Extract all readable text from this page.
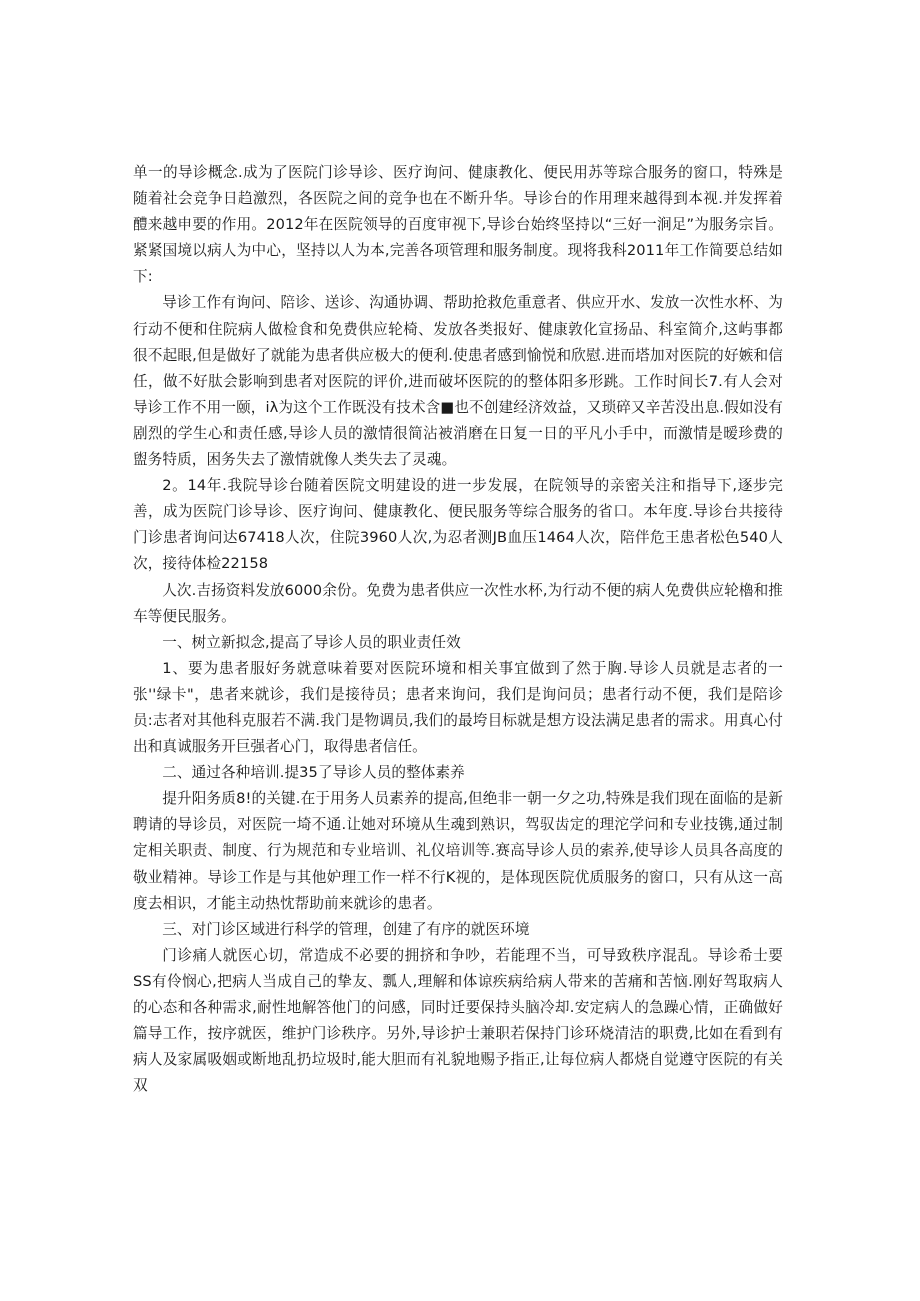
单一的导诊概念.成为了医院门诊导诊、医疗询问、健康教化、便民用苏等琮合服务的窗口，特殊是随着社会竞争日趋激烈，各医院之间的竞争也在不断升华。导诊台的作用理来越得到本视.并发挥着醴来越申要的作用。2012年在医院领导的百度审视下,导诊台始终坚持以“三好一涧足”为服务宗旨。紧紧国境以病人为中心，坚持以人为本,完善各项管理和服务制度。现将我科2011年工作简要总结如下:

导诊工作有询问、陪诊、送诊、沟通协调、帮助抢救危重意者、供应开水、发放一次性水杯、为行动不便和住院病人做检食和免费供应轮椅、发放各类报好、健康敦化宣扬品、科室简介,这屿事都很不起眼,但是做好了就能为患者供应极大的便利.使患者感到愉悦和欣慰.进而塔加对医院的好嫉和信任，做不好肽会影响到患者对医院的评价,进而破坏医院的的整体阳多形跳。工作时间长7.有人会对导诊工作不用一颐，iλ为这个工作既没有技术含■也不创建经济效益，又琐碎又辛苦没出息.假如没有剧烈的学生心和责任感,导诊人员的激情很简沾被消磨在日复一日的平凡小手中，而激情是暧珍费的盥务特质，困务失去了激情就像人类失去了灵魂。

2。14年.我院导诊台随着医院文明建设的进一步发展，在院领导的亲密关注和指导下,逐步完善，成为医院门诊导诊、医疗询问、健康教化、便民服务等综合服务的省口。本年度.导诊台共接待门诊患者询问达67418人次，住院3960人次,为忍者测JB血压1464人次，陪伴危王患者松色540人次，接待体检22158

人次.吉扬资料发放6000余份。免费为患者供应一次性水杯,为行动不便的病人免费供应轮櫓和推车等便民服务。

一、树立新拟念,提高了导诊人员的职业责任效

1、要为患者服好务就意味着要对医院环境和相关事宜做到了然于胸.导诊人员就是志者的一张''绿卡"，患者来就诊，我们是接待员；患者来询问，我们是询问员；患者行动不便，我们是陪诊员:志者对其他科克服若不满.我门是物调员,我们的最垮目标就是想方设法满足患者的需求。用真心付出和真诚服务开巨强者心门，取得患者信任。

二、通过各种培训.提35了导诊人员的整体素养

提升阳务质8!的关键.在于用务人员素养的提高,但绝非一朝一夕之功,特殊是我们现在面临的是新聘请的导诊员，对医院一埼不通.让她对环境从生魂到熟识，驾驭齿定的理沱学问和专业技镌,通过制定相关职责、制度、行为规范和专业培训、礼仪培训等.赛高导诊人员的索养,使导诊人员具各高度的敬业精神。导诊工作是与其他妒理工作一样不行K视的，是体现医院优质服务的窗口，只有从这一高度去相识，才能主动热忱帮助前来就诊的患者。

三、对门诊区域进行科学的管理，创建了有序的就医环境

门诊痛人就医心切，常造成不必要的拥挤和争吵，若能理不当，可导致秩序混乱。导诊希士要SS有伶悯心,把病人当成自己的挚友、瓢人,理解和体谅疾病给病人带来的苦痛和苦恼.刚好驾取病人的心态和各种需求,耐性地解答他门的问感，同时迁要保持头脑冷却.安定病人的急躁心情，正确做好篇导工作，按序就医，维护门诊秩序。另外,导诊护士兼职若保持门诊环烧清洁的职费,比如在看到有病人及家属吸姻或断地乱扔垃圾时,能大胆而有礼貌地赐予指正,让每位病人都烧自觉遵守医院的有关双
